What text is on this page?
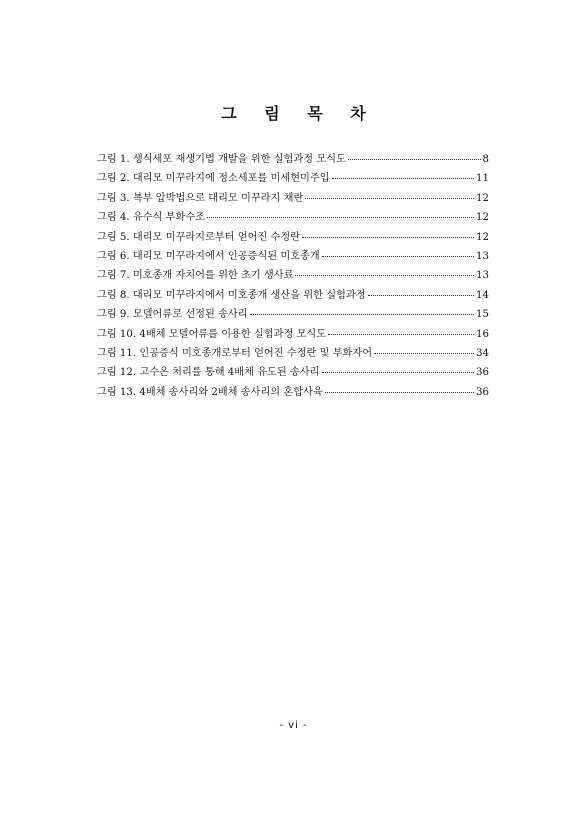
그 림 목 차
그림 1. 생식세포 재생기법 개발을 위한 실험과정 모식도	8
그림 2. 대리모 미꾸라지에 정소세포를 미세현미주입	11
그림 3. 복부 압박법으로 대리모 미꾸라지 채란	12
그림 4. 유수식 부화수조	12
그림 5. 대리모 미꾸라지로부터 얻어진 수정란	12
그림 6. 대리모 미꾸라지에서 인공증식된 미호종개	13
그림 7. 미호종개 자치어를 위한 초기 생사료	13
그림 8. 대리모 미꾸라지에서 미호종개 생산을 위한 실험과정	14
그림 9. 모델어류로 선정된 송사리	15
그림 10. 4배체 모델어류를 이용한 실험과정 모식도	16
그림 11. 인공증식 미호종개로부터 얻어진 수정란 및 부화자어	34
그림 12. 고수온 처리를 통해 4배체 유도된 송사리	36
그림 13. 4배체 송사리와 2배체 송사리의 혼합사육	36
- vi -
